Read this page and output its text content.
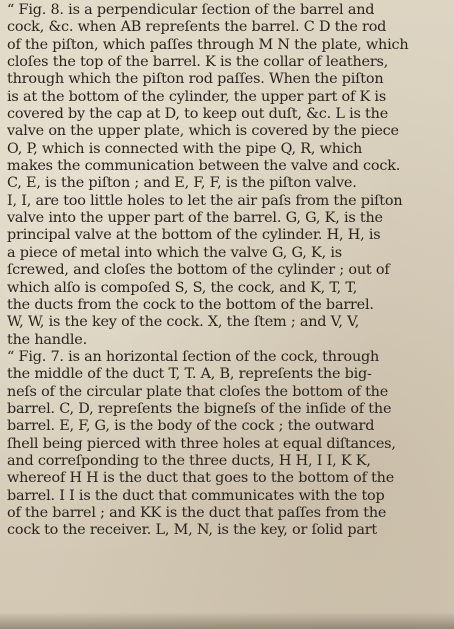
“ Fig. 8. is a perpendicular ſection of the barrel and
cock, &c. when AB repreſents the barrel. C D the rod
of the piſton, which paſſes through M N the plate, which
cloſes the top of the barrel. K is the collar of leathers,
through which the piſton rod paſſes. When the piſton
is at the bottom of the cylinder, the upper part of K is
covered by the cap at D, to keep out duſt, &c. L is the
valve on the upper plate, which is covered by the piece
O, P, which is connected with the pipe Q, R, which
makes the communication between the valve and cock.
C, E, is the piſton ; and E, F, F, is the piſton valve.
I, I, are too little holes to let the air paſs from the piſton
valve into the upper part of the barrel. G, G, K, is the
principal valve at the bottom of the cylinder. H, H, is
a piece of metal into which the valve G, G, K, is
ſcrewed, and cloſes the bottom of the cylinder ; out of
which alſo is compoſed S, S, the cock, and K, T, T,
the ducts from the cock to the bottom of the barrel.
W, W, is the key of the cock. X, the ſtem ; and V, V,
the handle.
“ Fig. 7. is an horizontal ſection of the cock, through
the middle of the duct T, T. A, B, repreſents the big-
neſs of the circular plate that cloſes the bottom of the
barrel. C, D, repreſents the bigneſs of the inſide of the
barrel. E, F, G, is the body of the cock ; the outward
ſhell being pierced with three holes at equal diſtances,
and correſponding to the three ducts, H H, I I, K K,
whereof H H is the duct that goes to the bottom of the
barrel. I I is the duct that communicates with the top
of the barrel ; and KK is the duct that paſſes from the
cock to the receiver. L, M, N, is the key, or ſolid part
